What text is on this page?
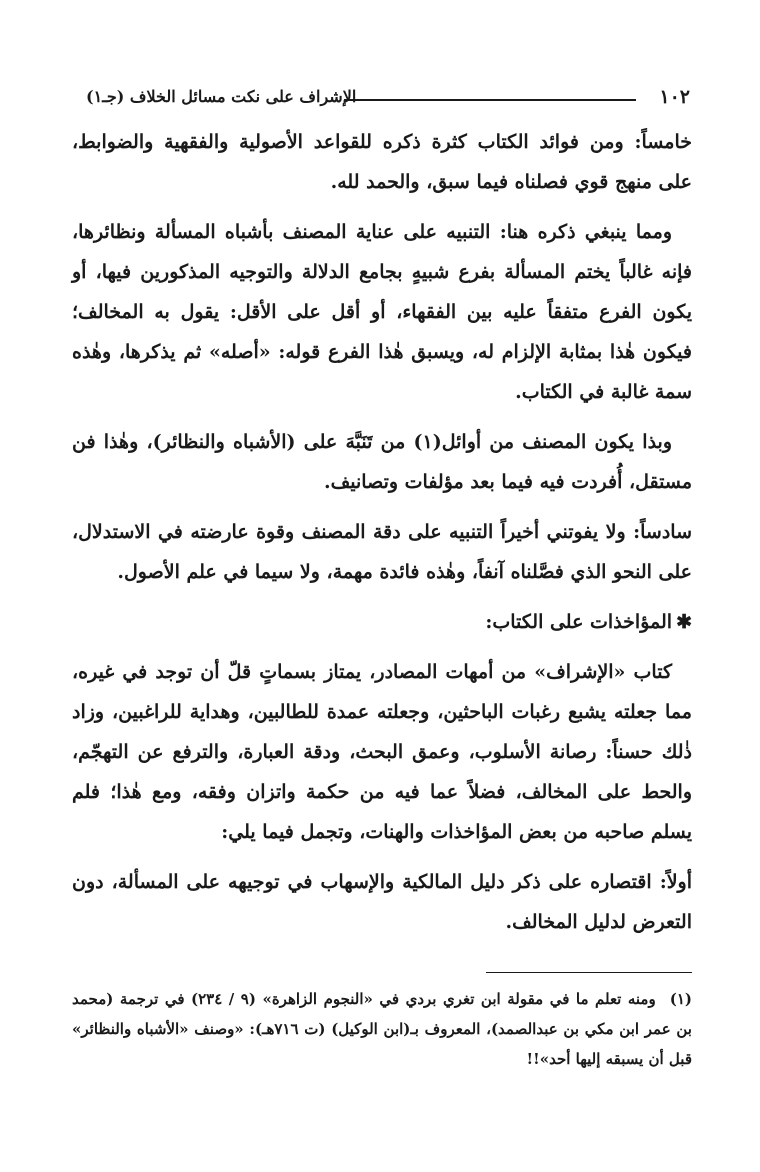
١٠٢
الإشراف على نكت مسائل الخلاف (جـ١)

خامساً: ومن فوائد الكتاب كثرة ذكره للقواعد الأصولية والفقهية والضوابط، على منهج قوي فصلناه فيما سبق، والحمد لله.

ومما ينبغي ذكره هنا: التنبيه على عناية المصنف بأشباه المسألة ونظائرها، فإنه غالباً يختم المسألة بفرع شبيهٍ بجامع الدلالة والتوجيه المذكورين فيها، أو يكون الفرع متفقاً عليه بين الفقهاء، أو أقل على الأقل: يقول به المخالف؛ فيكون هٰذا بمثابة الإلزام له، ويسبق هٰذا الفرع قوله: «أصله» ثم يذكرها، وهٰذه سمة غالبة في الكتاب.

وبذا يكون المصنف من أوائل(١) من تَنَبَّهَ على (الأشباه والنظائر)، وهٰذا فن مستقل، أُفردت فيه فيما بعد مؤلفات وتصانيف.

سادساً: ولا يفوتني أخيراً التنبيه على دقة المصنف وقوة عارضته في الاستدلال، على النحو الذي فصَّلناه آنفاً، وهٰذه فائدة مهمة، ولا سيما في علم الأصول.

✱المؤاخذات على الكتاب:

كتاب «الإشراف» من أمهات المصادر، يمتاز بسماتٍ قلّ أن توجد في غيره، مما جعلته يشبع رغبات الباحثين، وجعلته عمدة للطالبين، وهداية للراغبين، وزاد ذٰلك حسناً: رصانة الأسلوب، وعمق البحث، ودقة العبارة، والترفع عن التهجّم، والحط على المخالف، فضلاً عما فيه من حكمة واتزان وفقه، ومع هٰذا؛ فلم يسلم صاحبه من بعض المؤاخذات والهنات، وتجمل فيما يلي:

أولاً: اقتصاره على ذكر دليل المالكية والإسهاب في توجيهه على المسألة، دون التعرض لدليل المخالف.

(١)ومنه تعلم ما في مقولة ابن تغري بردي في «النجوم الزاهرة» (٩ / ٢٣٤) في ترجمة (محمد بن عمر ابن مكي بن عبدالصمد)، المعروف بـ(ابن الوكيل) (ت ٧١٦هـ): «وصنف «الأشباه والنظائر» قبل أن يسبقه إليها أحد»!!
